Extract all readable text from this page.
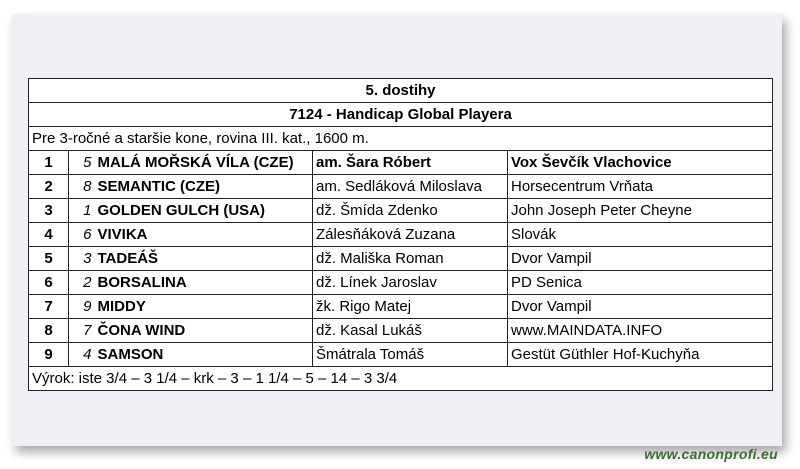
5. dostihy				
7124 - Handicap Global Playera				
Pre 3-ročné a staršie kone, rovina III. kat., 1600 m.				
1	5	MALÁ MOŘSKÁ VÍLA (CZE)	am. Šara Róbert	Vox Ševčík Vlachovice
2	8	SEMANTIC (CZE)	am. Sedláková Miloslava	Horsecentrum Vrňata
3	1	GOLDEN GULCH (USA)	dž. Šmída Zdenko	John Joseph Peter Cheyne
4	6	VIVIKA	Zálesňáková Zuzana	Slovák
5	3	TADEÁŠ	dž. Mališka Roman	Dvor Vampil
6	2	BORSALINA	dž. Línek Jaroslav	PD Senica
7	9	MIDDY	žk. Rigo Matej	Dvor Vampil
8	7	ČONA WIND	dž. Kasal Lukáš	www.MAINDATA.INFO
9	4	SAMSON	Šmátrala Tomáš	Gestüt Güthler Hof-Kuchyňa
Výrok: iste 3/4 – 3 1/4 – krk – 3 – 1 1/4 – 5 – 14 – 3 3/4				
www.canonprofi.eu
